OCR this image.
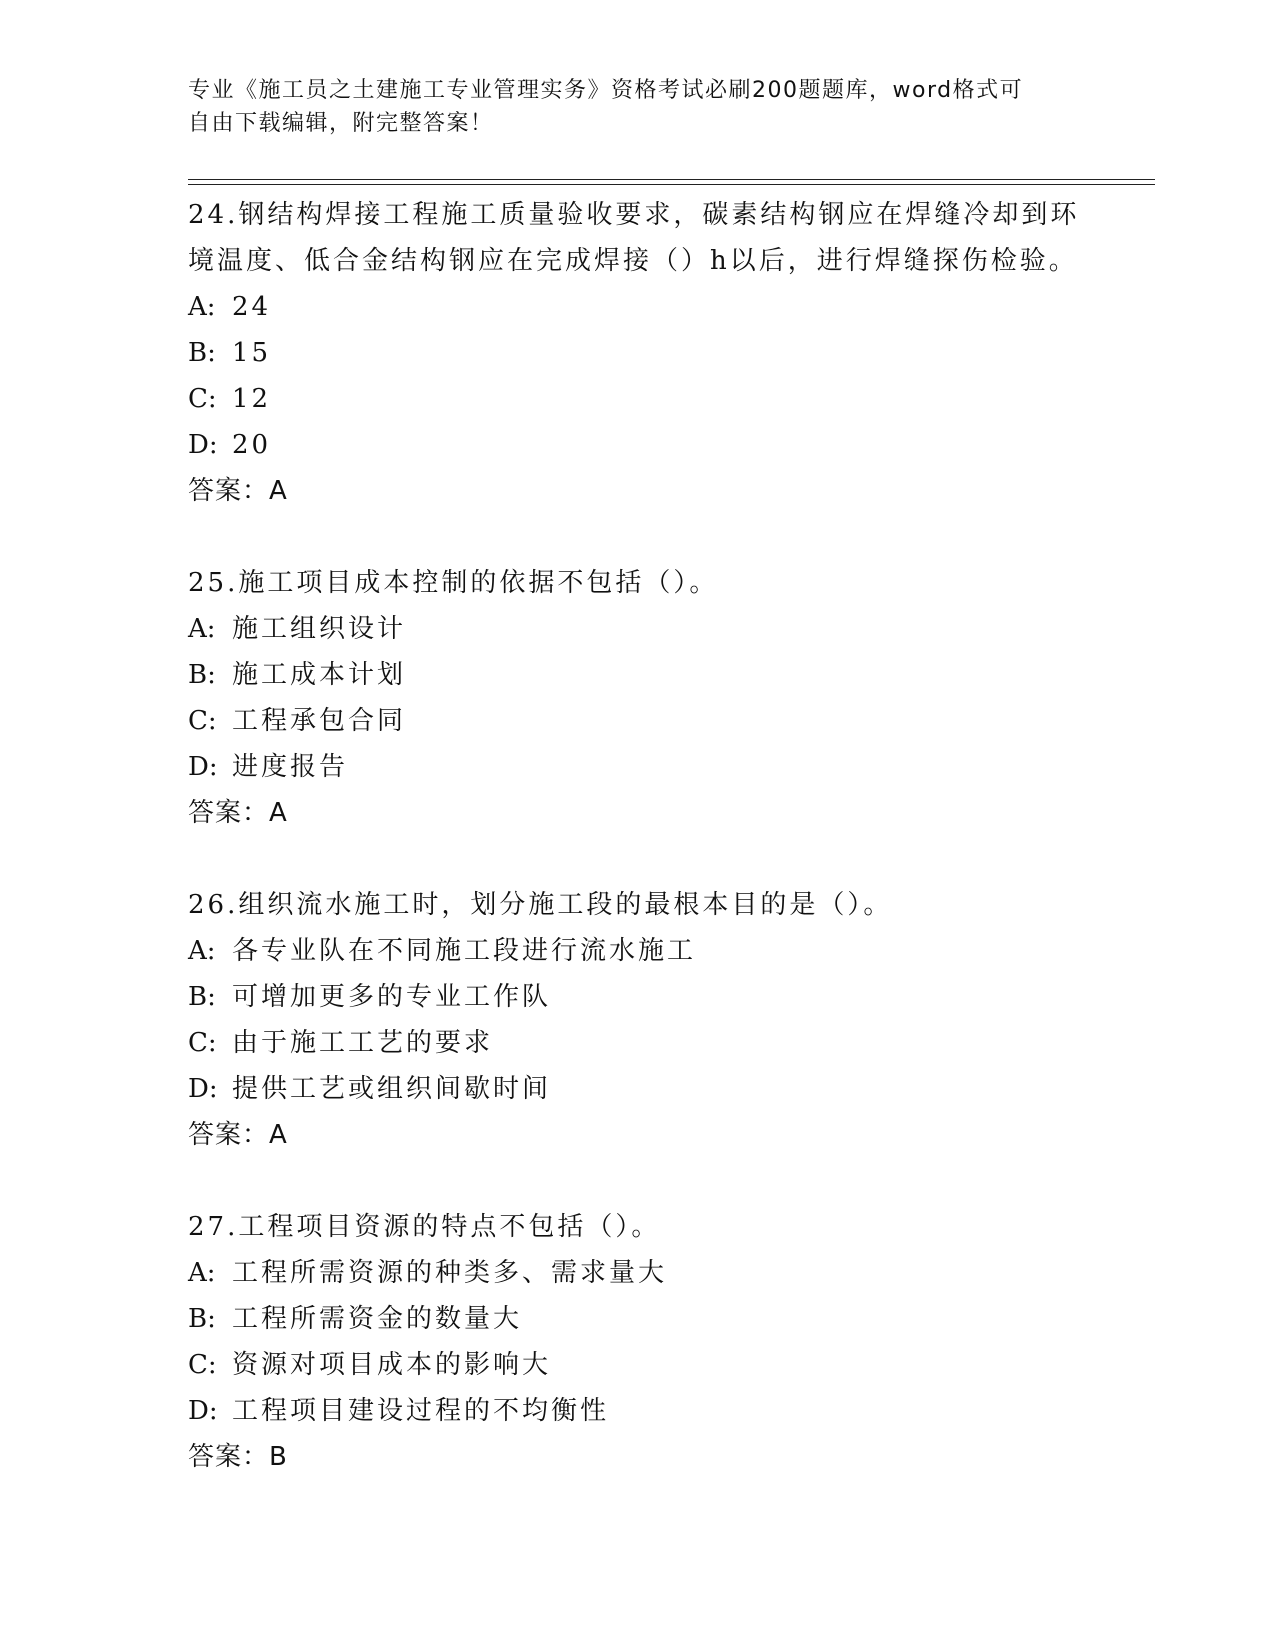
专业《施工员之土建施工专业管理实务》资格考试必刷200题题库，word格式可
自由下载编辑，附完整答案！
24.钢结构焊接工程施工质量验收要求，碳素结构钢应在焊缝冷却到环
境温度、低合金结构钢应在完成焊接（）h以后，进行焊缝探伤检验。
A: 24
B: 15
C: 12
D: 20
答案：A
25.施工项目成本控制的依据不包括（）。
A: 施工组织设计
B: 施工成本计划
C: 工程承包合同
D: 进度报告
答案：A
26.组织流水施工时，划分施工段的最根本目的是（）。
A: 各专业队在不同施工段进行流水施工
B: 可增加更多的专业工作队
C: 由于施工工艺的要求
D: 提供工艺或组织间歇时间
答案：A
27.工程项目资源的特点不包括（）。
A: 工程所需资源的种类多、需求量大
B: 工程所需资金的数量大
C: 资源对项目成本的影响大
D: 工程项目建设过程的不均衡性
答案：B
